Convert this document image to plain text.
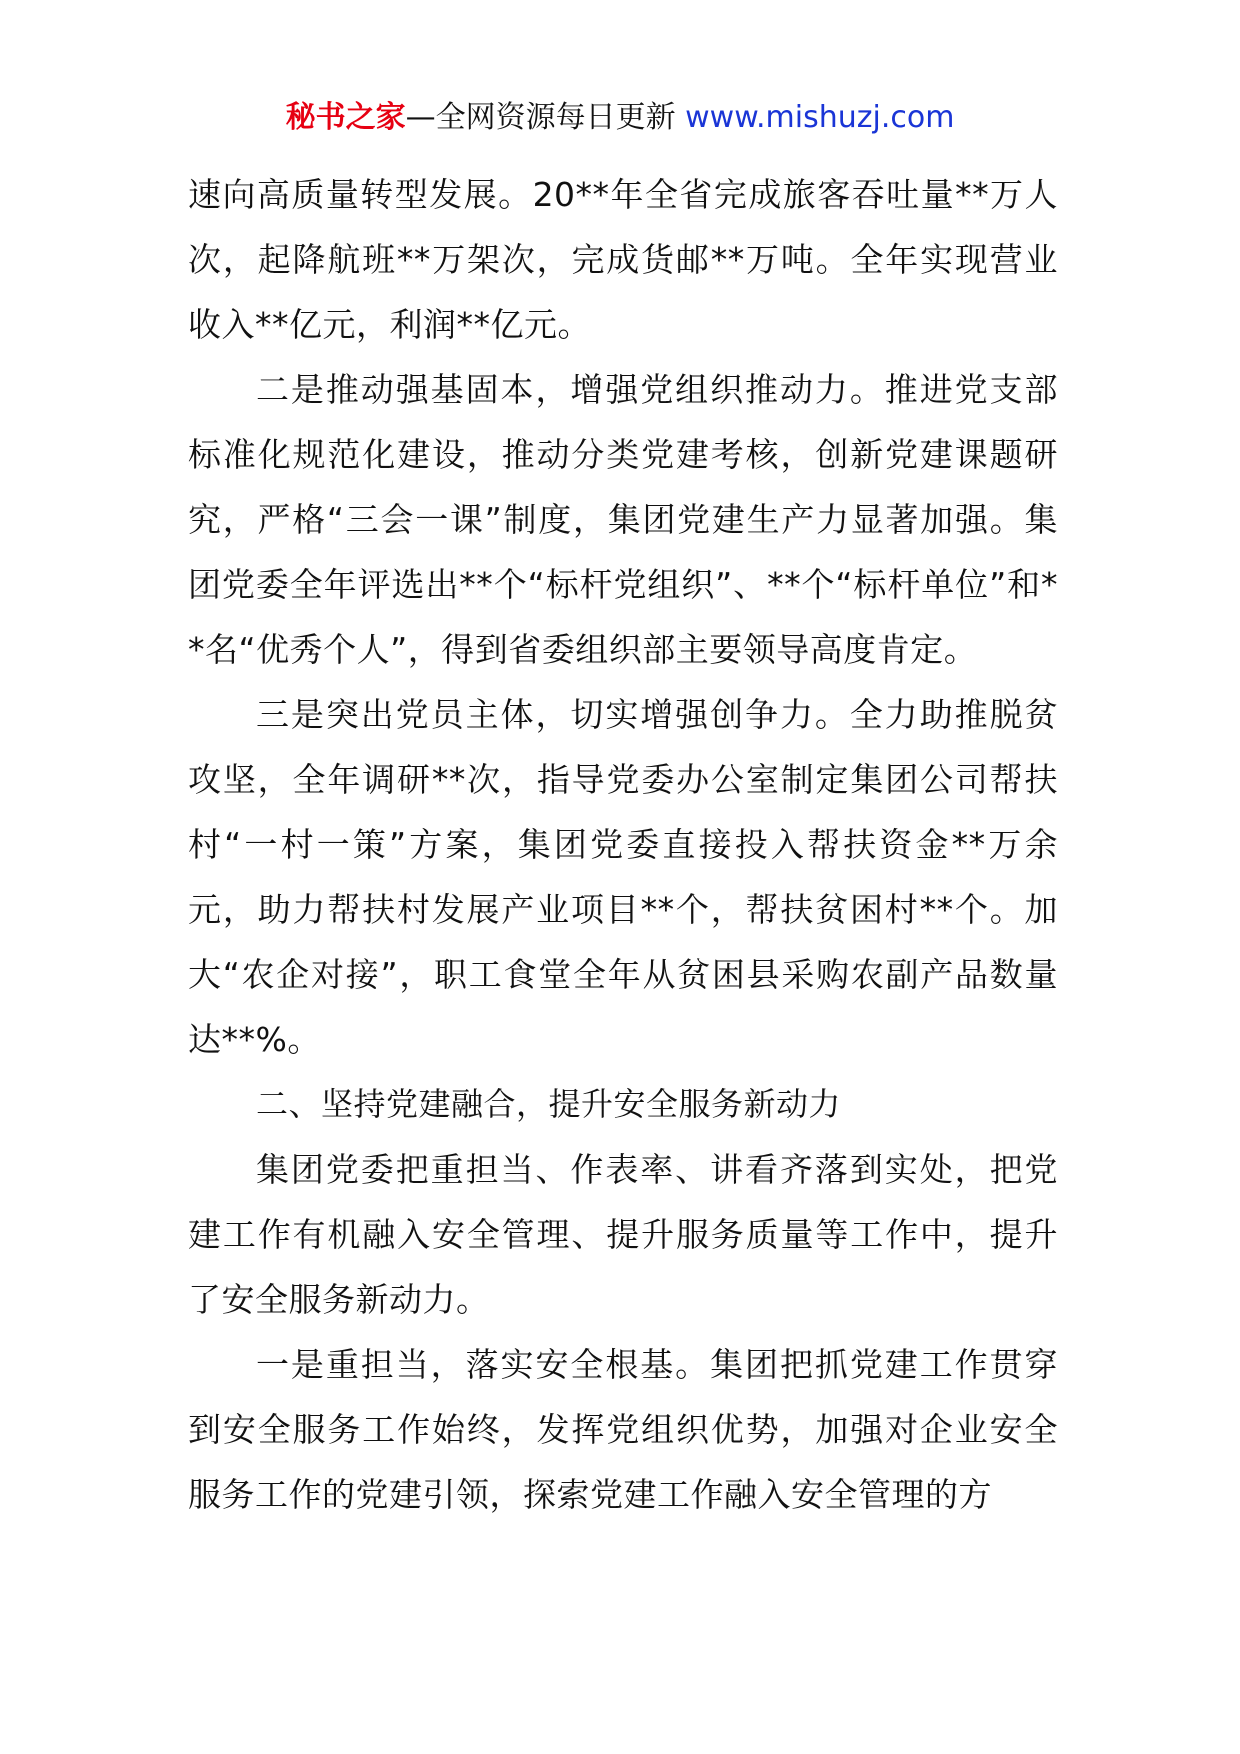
秘书之家—全网资源每日更新 www.mishuzj.com

速向高质量转型发展。20**年全省完成旅客吞吐量**万人次，起降航班**万架次，完成货邮**万吨。全年实现营业收入**亿元，利润**亿元。

二是推动强基固本，增强党组织推动力。推进党支部标准化规范化建设，推动分类党建考核，创新党建课题研究，严格“三会一课”制度，集团党建生产力显著加强。集团党委全年评选出**个“标杆党组织”、**个“标杆单位”和**名“优秀个人”，得到省委组织部主要领导高度肯定。

三是突出党员主体，切实增强创争力。全力助推脱贫攻坚，全年调研**次，指导党委办公室制定集团公司帮扶村“一村一策”方案，集团党委直接投入帮扶资金**万余元，助力帮扶村发展产业项目**个，帮扶贫困村**个。加大“农企对接”，职工食堂全年从贫困县采购农副产品数量达**%。

二、坚持党建融合，提升安全服务新动力

集团党委把重担当、作表率、讲看齐落到实处，把党建工作有机融入安全管理、提升服务质量等工作中，提升了安全服务新动力。

一是重担当，落实安全根基。集团把抓党建工作贯穿到安全服务工作始终，发挥党组织优势，加强对企业安全服务工作的党建引领，探索党建工作融入安全管理的方
